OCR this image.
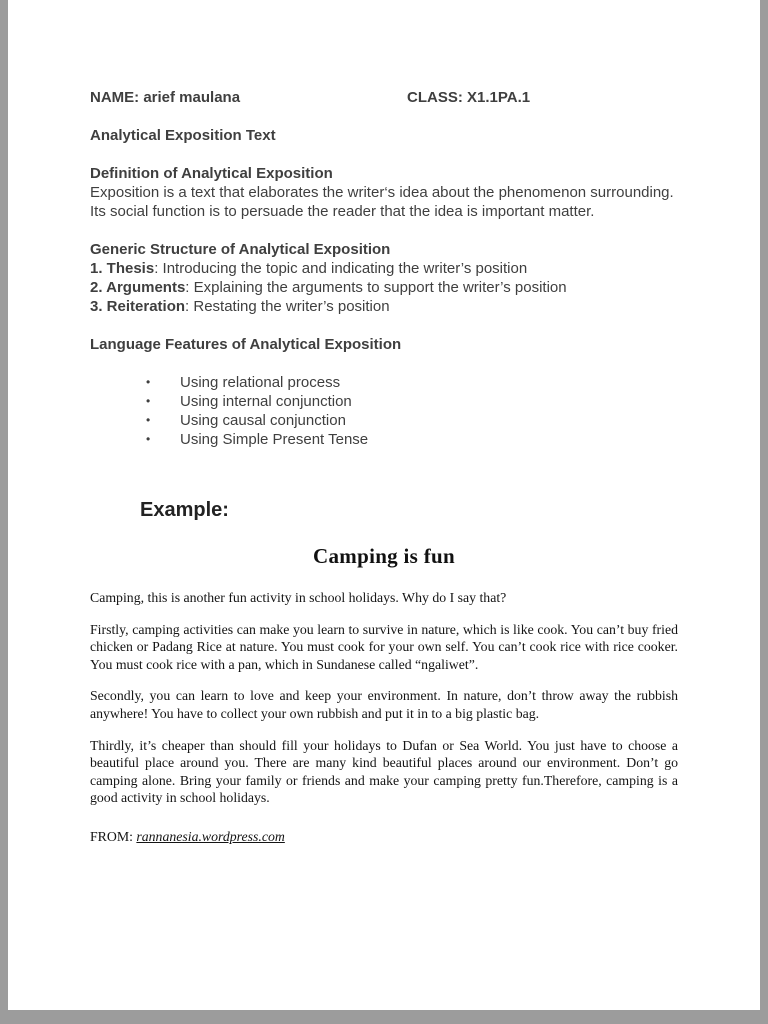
NAME: arief maulana	CLASS: X1.1PA.1
Analytical Exposition Text
Definition of Analytical Exposition
Exposition is a text that elaborates the writer‘s idea about the phenomenon surrounding. Its social function is to persuade the reader that the idea is important matter.
Generic Structure of Analytical Exposition
1. Thesis: Introducing the topic and indicating the writer’s position
2. Arguments: Explaining the arguments to support the writer’s position
3. Reiteration: Restating the writer’s position
Language Features of Analytical Exposition
•	Using relational process
•	Using internal conjunction
•	Using causal conjunction
•	Using Simple Present Tense
Example:
Camping is fun
Camping, this is another fun activity in school holidays. Why do I say that?
Firstly, camping activities can make you learn to survive in nature, which is like cook. You can’t buy fried chicken or Padang Rice at nature. You must cook for your own self. You can’t cook rice with rice cooker. You must cook rice with a pan, which in Sundanese called “ngaliwet”.
Secondly, you can learn to love and keep your environment. In nature, don’t throw away the rubbish anywhere! You have to collect your own rubbish and put it in to a big plastic bag.
Thirdly, it’s cheaper than should fill your holidays to Dufan or Sea World. You just have to choose a beautiful place around you. There are many kind beautiful places around our environment. Don’t go camping alone. Bring your family or friends and make your camping pretty fun.Therefore, camping is a good activity in school holidays.
FROM: rannanesia.wordpress.com
